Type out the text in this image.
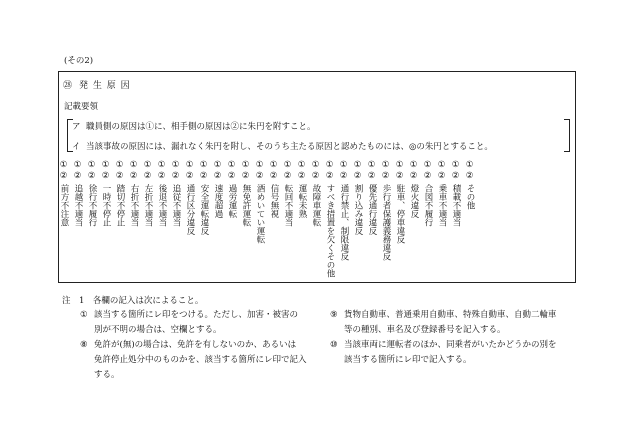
(その2)
㉘ 発 生 原 因
記載要領
ア 職員側の原因は①に、相手側の原因は②に朱円を附すこと。
イ 当該事故の原因には、漏れなく朱円を附し、そのうち主たる原因と認めたものには、◎の朱円とすること。
①
②
前方不注意
①
②
追越不適当
①
②
徐行不履行
①
②
一時不停止
①
②
踏切不停止
①
②
右折不適当
①
②
左折不適当
①
②
後退不適当
①
②
追従不適当
①
②
通行区分違反
①
②
安全運転違反
①
②
速度超過
①
②
過労運転
①
②
無免許運転
①
②
酒めいてい運転
①
②
信号無視
①
②
転回不適当
①
②
運転未熟
①
②
故障車運転
①
②
すべき措置を欠くその他
①
②
通行禁止、制限違反
①
②
割り込み違反
①
②
優先通行違反
①
②
歩行者保護義務違反
①
②
駐車、停車違反
①
②
燈火違反
①
②
合図不履行
①
②
乗車不適当
①
②
積載不適当
①
②
その他
注　1　各欄の記入は次によること。
① 該当する箇所にレ印をつける。ただし、加害・被害の
別が不明の場合は、空欄とする。
⑧ 免許が(無)の場合は、免許を有しないのか、あるいは
免許停止処分中のものかを、該当する箇所にレ印で記入
する。
⑨ 貨物自動車、普通乗用自動車、特殊自動車、自動二輪車
等の種別、車名及び登録番号を記入する。
⑩ 当該車両に運転者のほか、同乗者がいたかどうかの別を
該当する箇所にレ印で記入する。
